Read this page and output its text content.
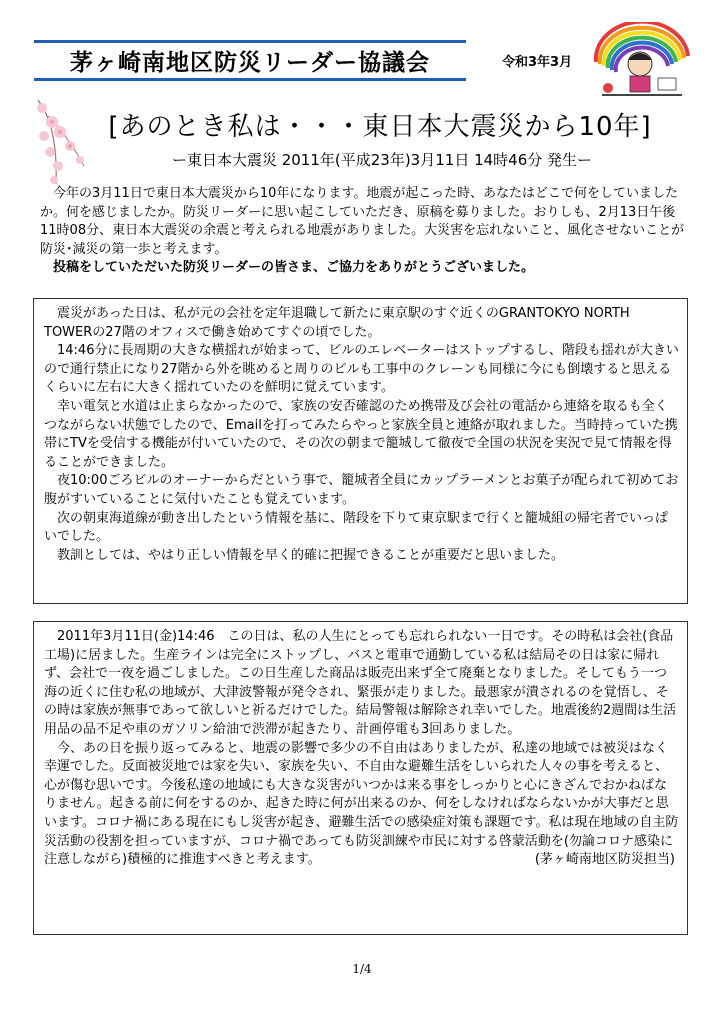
茅ヶ崎南地区防災リーダー協議会	令和3年3月
[あのとき私は・・・東日本大震災から10年]
ー東日本大震災 2011年(平成23年)3月11日 14時46分 発生ー

今年の3月11日で東日本大震災から10年になります。地震が起こった時、あなたはどこで何をしていましたか。何を感じましたか。防災リーダーに思い起こしていただき、原稿を募りました。おりしも、2月13日午後11時08分、東日本大震災の余震と考えられる地震がありました。大災害を忘れないこと、風化させないことが防災･減災の第一歩と考えます。

投稿をしていただいた防災リーダーの皆さま、ご協力をありがとうございました。

震災があった日は、私が元の会社を定年退職して新たに東京駅のすぐ近くのGRANTOKYO NORTH TOWERの27階のオフィスで働き始めてすぐの頃でした。

14:46分に長周期の大きな横揺れが始まって、ビルのエレベーターはストップするし、階段も揺れが大きいので通行禁止になり27階から外を眺めると周りのビルも工事中のクレーンも同様に今にも倒壊すると思えるくらいに左右に大きく揺れていたのを鮮明に覚えています。

幸い電気と水道は止まらなかったので、家族の安否確認のため携帯及び会社の電話から連絡を取るも全くつながらない状態でしたので、Emailを打ってみたらやっと家族全員と連絡が取れました。当時持っていた携帯にTVを受信する機能が付いていたので、その次の朝まで籠城して徹夜で全国の状況を実況で見て情報を得ることができました。

夜10:00ごろビルのオーナーからだという事で、籠城者全員にカップラーメンとお菓子が配られて初めてお腹がすいていることに気付いたことも覚えています。

次の朝東海道線が動き出したという情報を基に、階段を下りて東京駅まで行くと籠城組の帰宅者でいっぱいでした。

教訓としては、やはり正しい情報を早く的確に把握できることが重要だと思いました。

2011年3月11日(金)14:46　この日は、私の人生にとっても忘れられない一日です。その時私は会社(食品工場)に居ました。生産ラインは完全にストップし、バスと電車で通勤している私は結局その日は家に帰れず、会社で一夜を過ごしました。この日生産した商品は販売出来ず全て廃棄となりました。そしてもう一つ海の近くに住む私の地域が、大津波警報が発令され、緊張が走りました。最悪家が潰されるのを覚悟し、その時は家族が無事であって欲しいと祈るだけでした。結局警報は解除され幸いでした。地震後約2週間は生活用品の品不足や車のガソリン給油で渋滞が起きたり、計画停電も3回ありました。

今、あの日を振り返ってみると、地震の影響で多少の不自由はありましたが、私達の地域では被災はなく幸運でした。反面被災地では家を失い、家族を失い、不自由な避難生活をしいられた人々の事を考えると、心が傷む思いです。今後私達の地域にも大きな災害がいつかは来る事をしっかりと心にきざんでおかねばなりません。起きる前に何をするのか、起きた時に何が出来るのか、何をしなければならないかが大事だと思います。コロナ禍にある現在にもし災害が起き、避難生活での感染症対策も課題です。私は現在地域の自主防災活動の役割を担っていますが、コロナ禍であっても防災訓練や市民に対する啓蒙活動を(勿論コロナ感染に注意しながら)積極的に推進すべきと考えます。	(茅ヶ崎南地区防災担当)

1/4
